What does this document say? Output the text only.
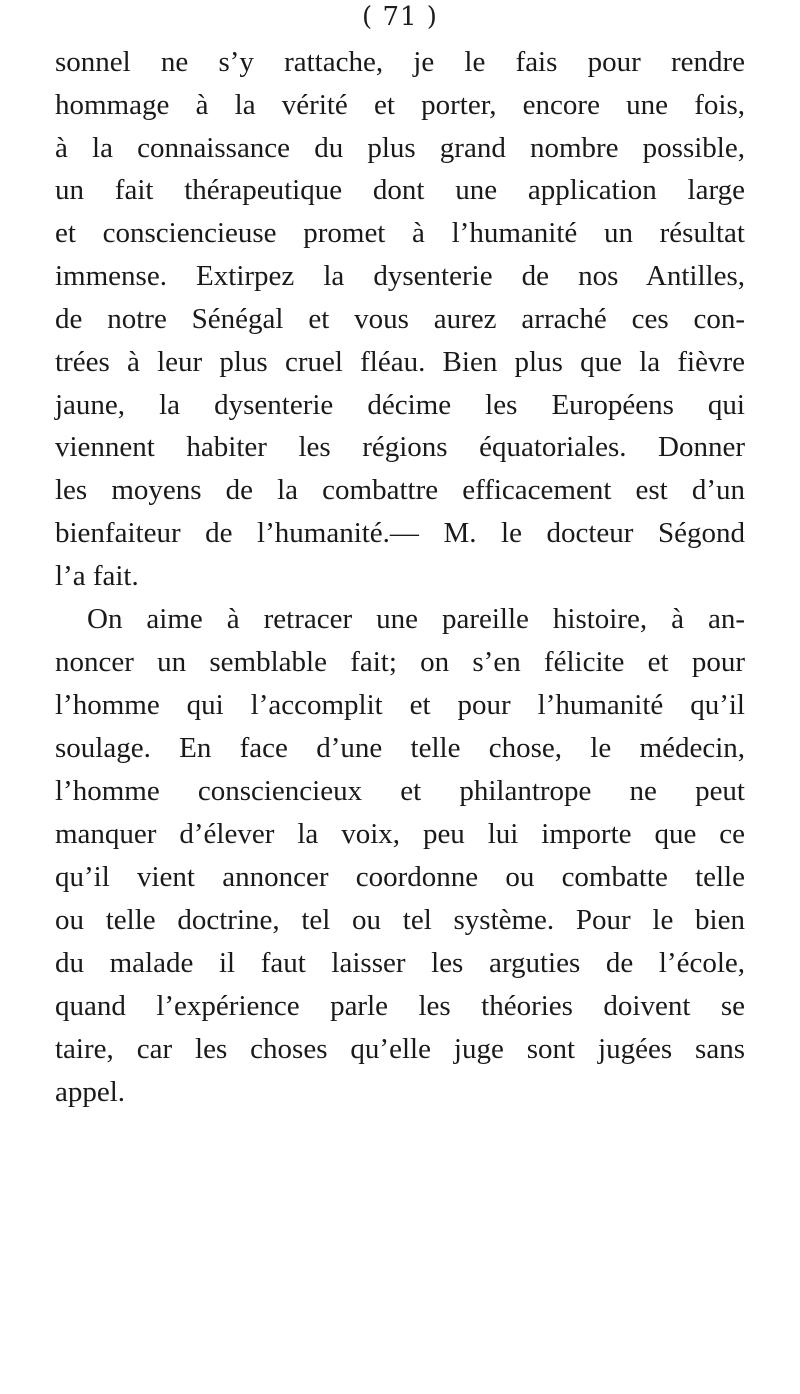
( 71 )
sonnel ne s’y rattache, je le fais pour rendre
hommage à la vérité et porter, encore une fois,
à la connaissance du plus grand nombre possible,
un fait thérapeutique dont une application large
et consciencieuse promet à l’humanité un résultat
immense. Extirpez la dysenterie de nos Antilles,
de notre Sénégal et vous aurez arraché ces con-
trées à leur plus cruel fléau. Bien plus que la fièvre
jaune, la dysenterie décime les Européens qui
viennent habiter les régions équatoriales. Donner
les moyens de la combattre efficacement est d’un
bienfaiteur de l’humanité.— M. le docteur Ségond
l’a fait.
On aime à retracer une pareille histoire, à an-
noncer un semblable fait; on s’en félicite et pour
l’homme qui l’accomplit et pour l’humanité qu’il
soulage. En face d’une telle chose, le médecin,
l’homme consciencieux et philantrope ne peut
manquer d’élever la voix, peu lui importe que ce
qu’il vient annoncer coordonne ou combatte telle
ou telle doctrine, tel ou tel système. Pour le bien
du malade il faut laisser les arguties de l’école,
quand l’expérience parle les théories doivent se
taire, car les choses qu’elle juge sont jugées sans
appel.
